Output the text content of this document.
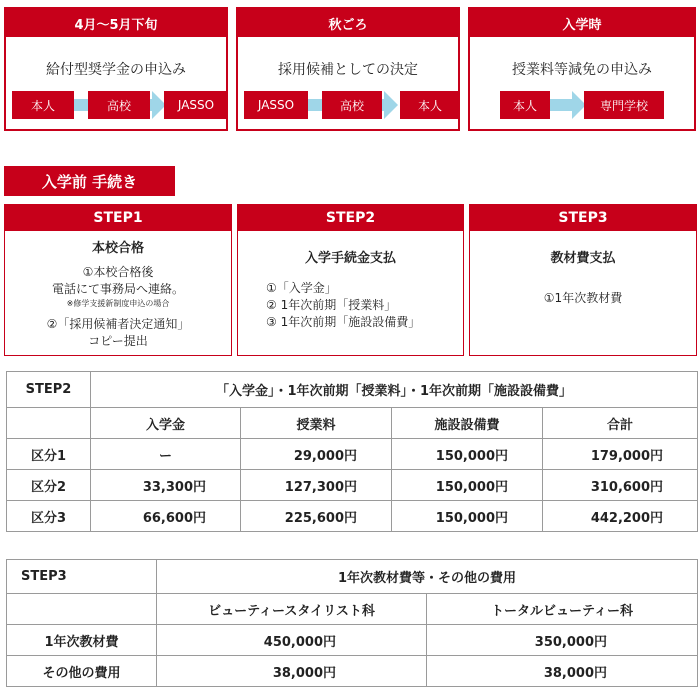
4月〜5月下旬
給付型奨学金の申込み
本人	高校	JASSO
秋ごろ
採用候補としての決定
JASSO	高校	本人
入学時
授業料等減免の申込み
本人	専門学校
入学前 手続き
STEP1
本校合格
①本校合格後
電話にて事務局へ連絡。
※修学支援新制度申込の場合
②「採用候補者決定通知」
コピー提出
STEP2
入学手続金支払
①「入学金」
② 1年次前期「授業料」
③ 1年次前期「施設設備費」
STEP3
教材費支払
①1年次教材費
STEP2	「入学金」・1年次前期「授業料」・1年次前期「施設設備費」			
	入学金	授業料	施設設備費	合計
区分1	ー	29,000円	150,000円	179,000円
区分2	33,300円	127,300円	150,000円	310,600円
区分3	66,600円	225,600円	150,000円	442,200円
STEP3	1年次教材費等・その他の費用	
	ビューティースタイリスト科	トータルビューティー科
1年次教材費	450,000円	350,000円
その他の費用	38,000円	38,000円
